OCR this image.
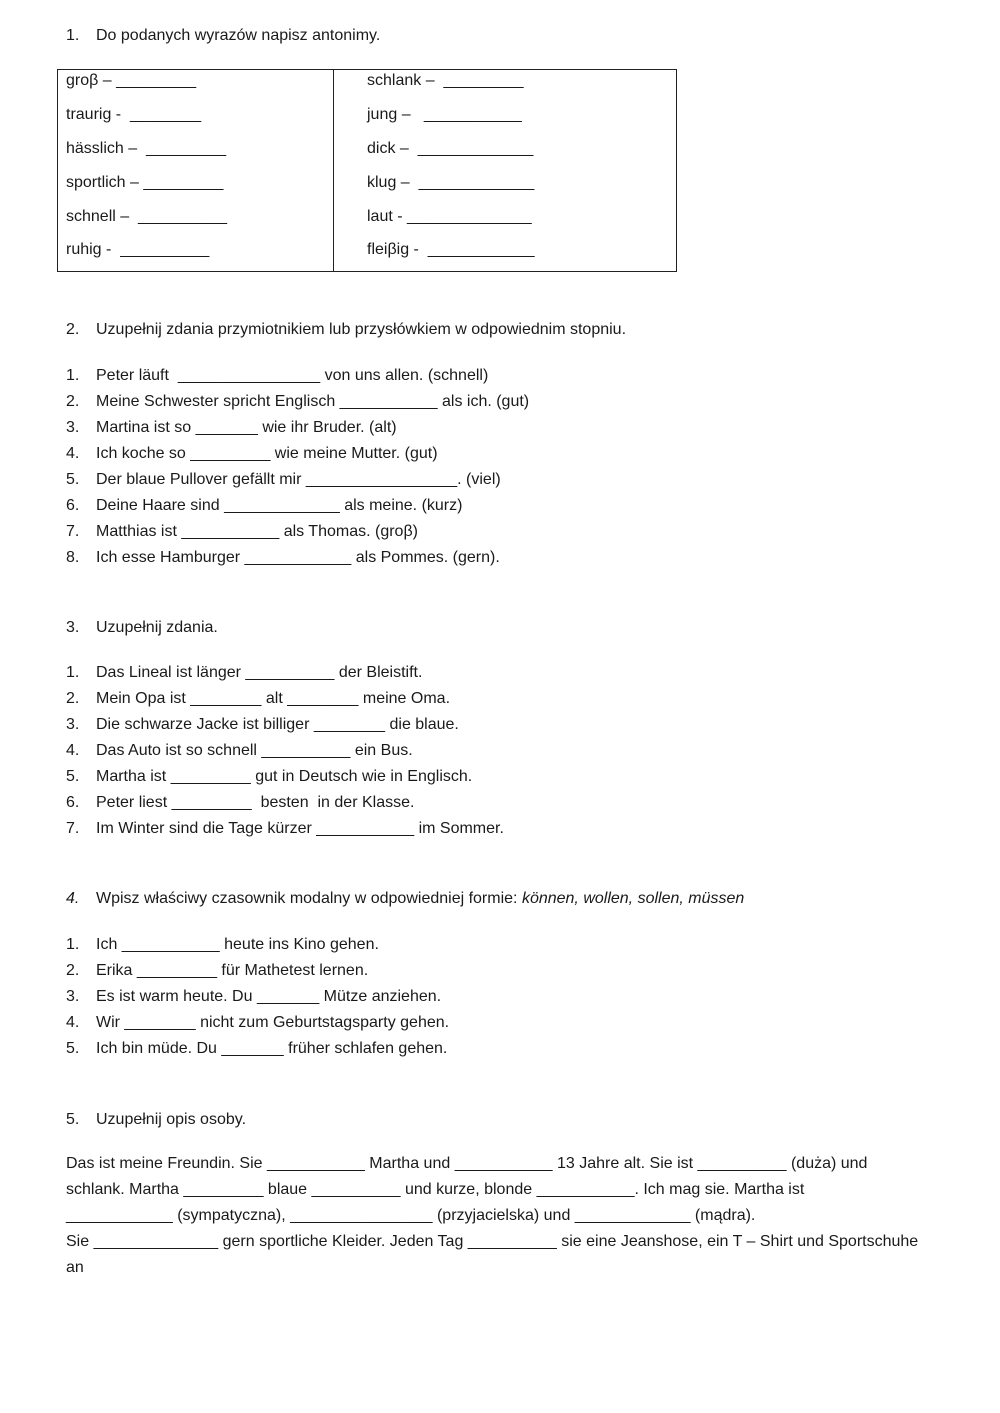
1. Do podanych wyrazów napisz antonimy.
groβ – _________
traurig -  ________
hässlich –  _________
sportlich – _________
schnell –  __________
ruhig -  __________
schlank –  _________
jung –   ___________
dick –  _____________
klug –  _____________
laut - ______________
fleiβig -  ____________
2. Uzupełnij zdania przymiotnikiem lub przysłówkiem w odpowiednim stopniu.
1. Peter läuft  ________________ von uns allen. (schnell)
2. Meine Schwester spricht Englisch ___________ als ich. (gut)
3. Martina ist so _______ wie ihr Bruder. (alt)
4. Ich koche so _________ wie meine Mutter. (gut)
5. Der blaue Pullover gefällt mir _________________. (viel)
6. Deine Haare sind _____________ als meine. (kurz)
7. Matthias ist ___________ als Thomas. (groβ)
8. Ich esse Hamburger ____________ als Pommes. (gern).
3. Uzupełnij zdania.
1. Das Lineal ist länger __________ der Bleistift.
2. Mein Opa ist ________ alt ________ meine Oma.
3. Die schwarze Jacke ist billiger ________ die blaue.
4. Das Auto ist so schnell __________ ein Bus.
5. Martha ist _________ gut in Deutsch wie in Englisch.
6. Peter liest _________  besten  in der Klasse.
7. Im Winter sind die Tage kürzer ___________ im Sommer.
4. Wpisz właściwy czasownik modalny w odpowiedniej formie: können, wollen, sollen, müssen
1. Ich ___________ heute ins Kino gehen.
2. Erika _________ für Mathetest lernen.
3. Es ist warm heute. Du _______ Mütze anziehen.
4. Wir ________ nicht zum Geburtstagsparty gehen.
5. Ich bin müde. Du _______ früher schlafen gehen.
5. Uzupełnij opis osoby.
Das ist meine Freundin. Sie ___________ Martha und ___________ 13 Jahre alt. Sie ist __________ (duża) und
schlank. Martha _________ blaue __________ und kurze, blonde ___________. Ich mag sie. Martha ist
____________ (sympatyczna), ________________ (przyjacielska) und _____________ (mądra).
Sie ______________ gern sportliche Kleider. Jeden Tag __________ sie eine Jeanshose, ein T – Shirt und Sportschuhe
an
